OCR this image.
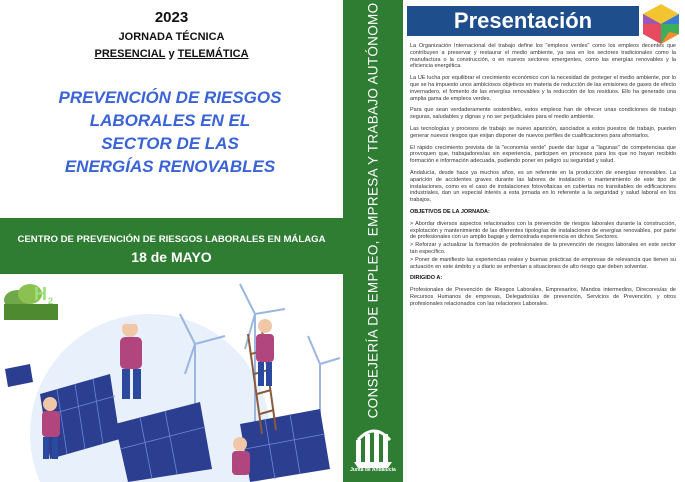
2023
JORNADA TÉCNICA
PRESENCIAL y TELEMÁTICA
PREVENCIÓN DE RIESGOS
LABORALES EN EL
SECTOR DE LAS
ENERGÍAS RENOVABLES
CENTRO DE PREVENCIÓN DE RIESGOS LABORALES EN MÁLAGA
18 de MAYO
H 2	CONSEJERÍA DE EMPLEO, EMPRESA Y TRABAJO AUTÓNOMO
Junta de Andalucía
Presentación

La Organización Internacional del trabajo define los "empleos verdes" como los empleos decentes que contribuyen a preservar y restaurar el medio ambiente, ya sea en los sectores tradicionales como la manufactura o la construcción, o en nuevos sectores emergentes, como las energías renovables y la eficiencia energética.

La UE lucha por equilibrar el crecimiento económico con la necesidad de proteger el medio ambiente, por lo que se ha impuesto unos ambiciosos objetivos en materia de reducción de las emisiones de gases de efecto invernadero, el fomento de las energías renovables y la reducción de los residuos. Ello ha generado una amplia gama de empleos verdes.

Para que sean verdaderamente sostenibles, estos empleos han de ofrecer unas condiciones de trabajo seguras, saludables y dignas y no ser perjudiciales para el medio ambiente.

Las tecnologías y procesos de trabajo se nuevo aparición, asociados a estos puestos de trabajo, pueden generar nuevos riesgos que exijan disponer de nuevos perfiles de cualificaciones para afrontarlos.

El rápido crecimiento prevista de la "economía verde" puede dar lugar a "lagunas" de competencias que provoquen que, trabajadores/as sin experiencia, participen en procesos para los que no hayan recibido formación e información adecuada, pudiendo poner en peligro su seguridad y salud.

Andalucía, desde hace ya muchos años, es un referente en la producción de energías renovables. La aparición de accidentes graves durante las labores de instalación o mantenimiento de este tipo de instalaciones, como es el caso de instalaciones fotovoltaicas en cubiertas no transitables de edificaciones industriales, dan un especial interés a esta jornada en lo referente a la seguridad y salud laboral en los trabajos.

OBJETIVOS DE LA JORNADA:

> Abordar diversos aspectos relacionados con la prevención de riesgos laborales durante la construcción, explotación y mantenimiento de las diferentes tipologías de instalaciones de energías renovables, por parte de profesionales con un amplio bagaje y demostrada experiencia en dichos Sectores.

> Reforzar y actualizar la formación de profesionales de la prevención de riesgos laborales en este sector tan específico.

> Poner de manifiesto las experiencias reales y buenas prácticas de empresas de relevancia que tienen su actuación en este ámbito y a diario se enfrentan a situaciones de alto riesgo que deben solventar.

DIRIGIDO A:

Profesionales de Prevención de Riesgos Laborales, Empresarios, Mandos intermedios, Direcores/as de Recursos Humanos de empresas, Delegados/as de prevención, Servicios de Prevención, y otros profesionales relacionados con las relaciones Laborales.
